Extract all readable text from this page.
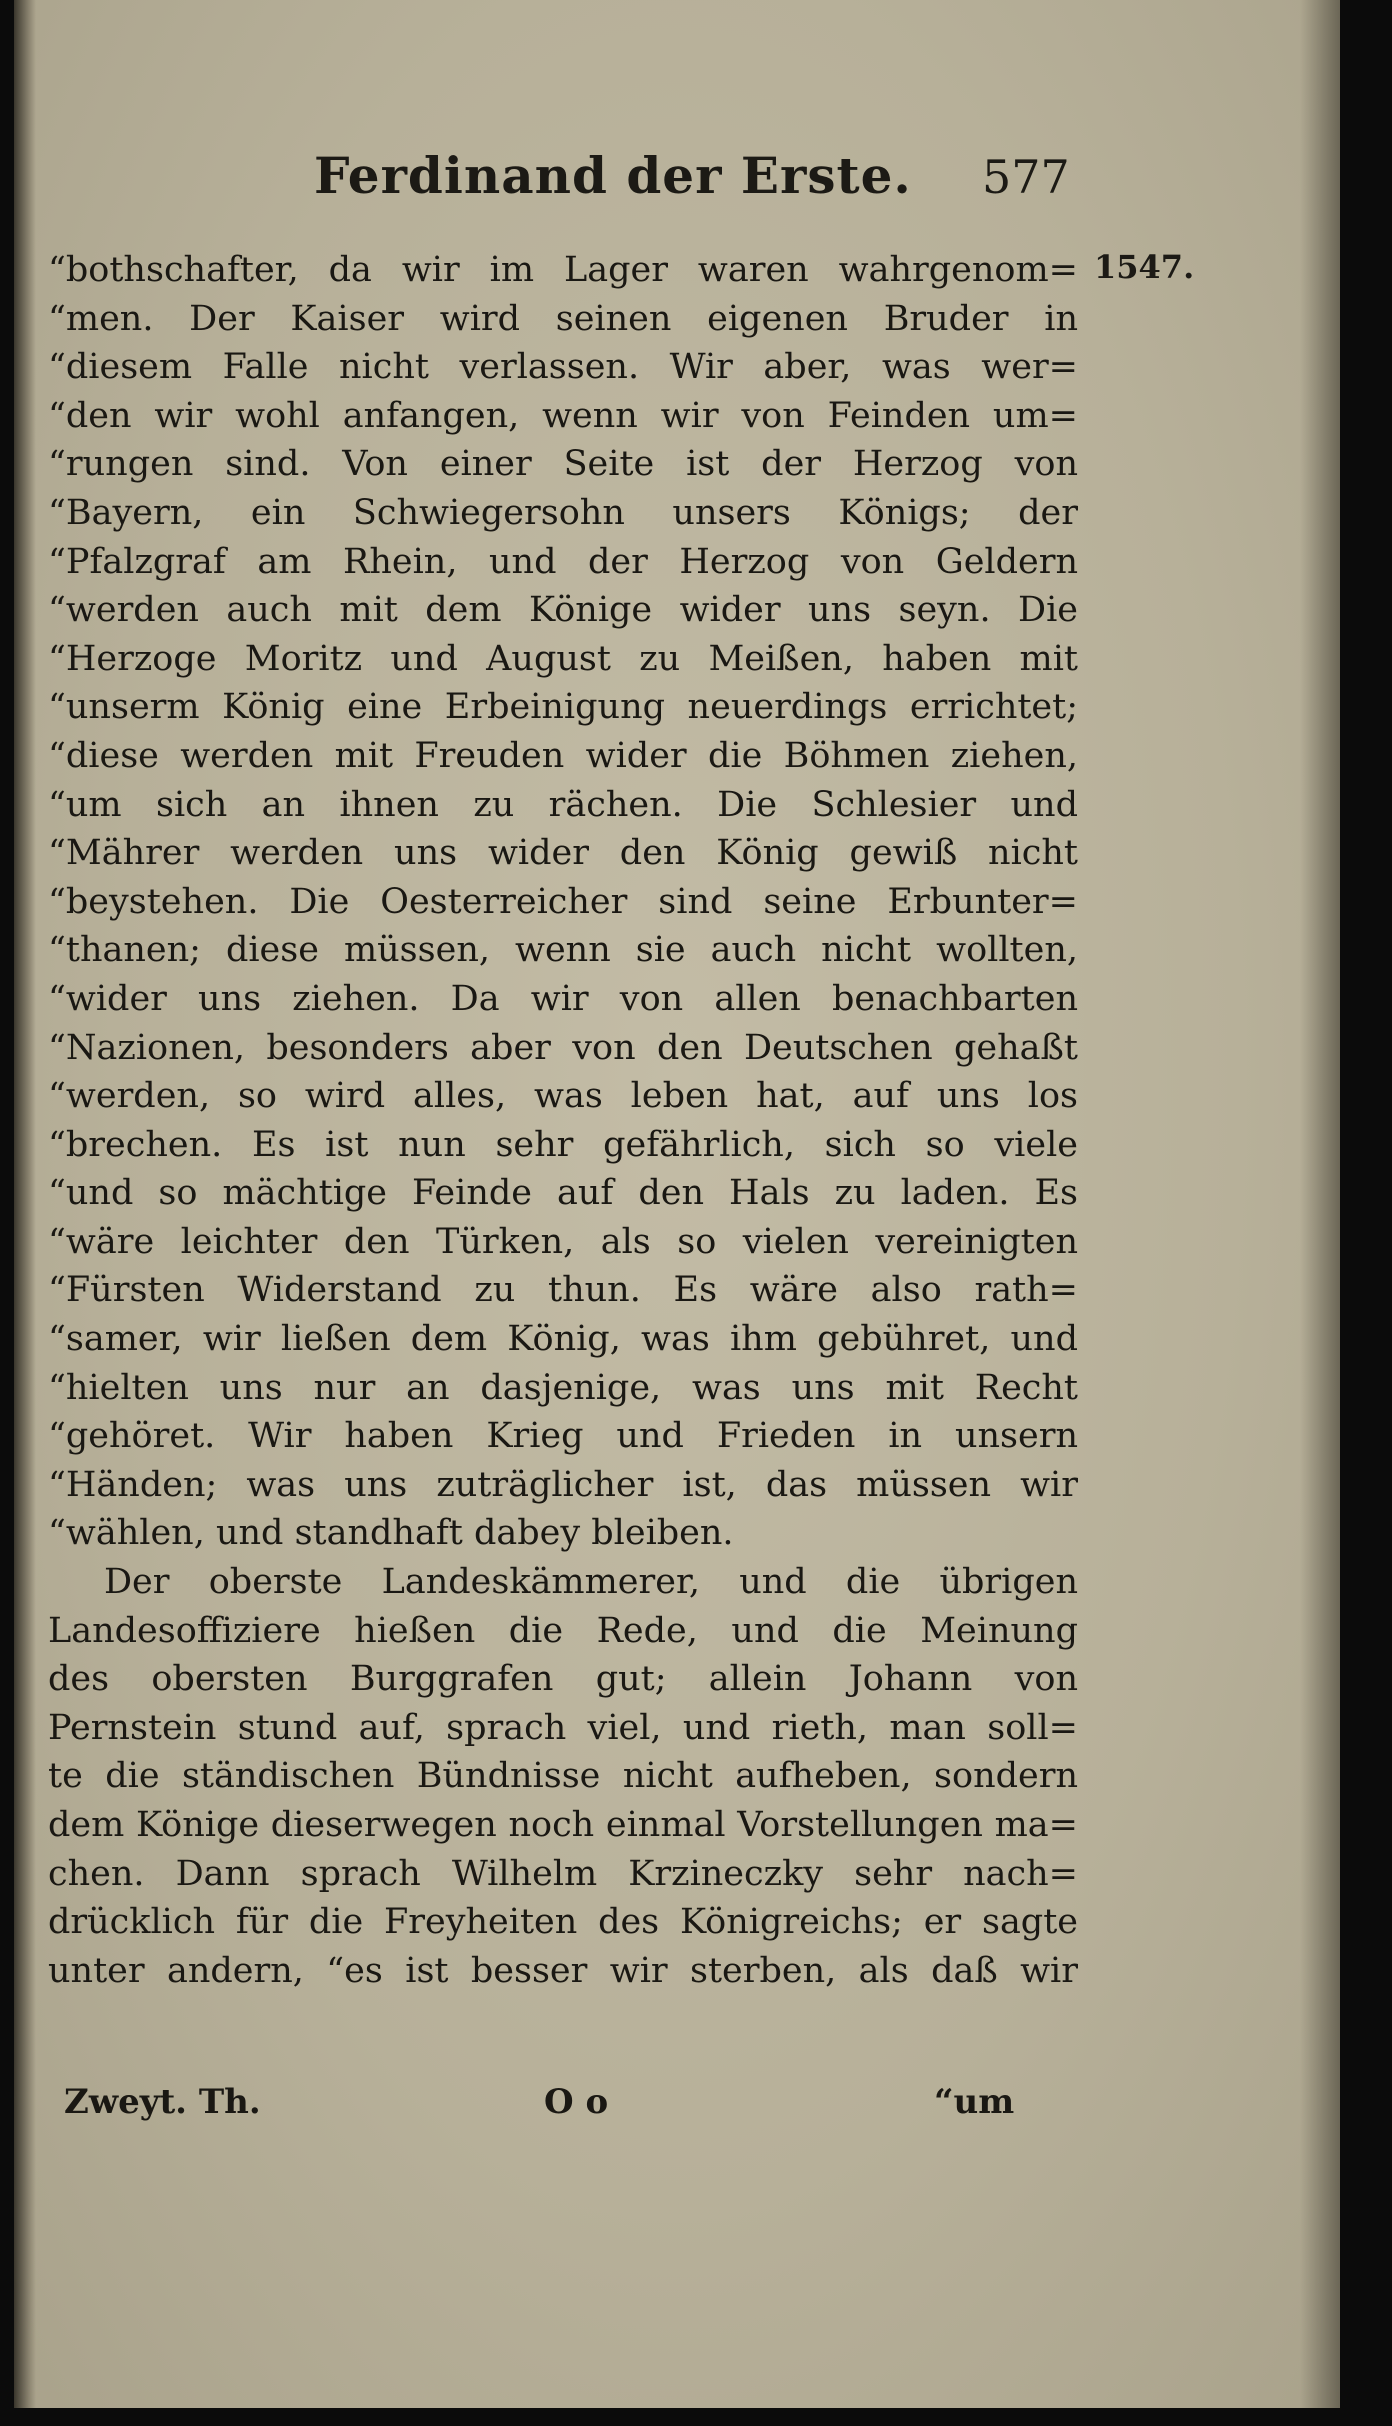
Ferdinand der Erste. 577
1547.
“bothschafter, da wir im Lager waren wahrgenom=
“men. Der Kaiser wird seinen eigenen Bruder in
“diesem Falle nicht verlassen. Wir aber, was wer=
“den wir wohl anfangen, wenn wir von Feinden um=
“rungen sind. Von einer Seite ist der Herzog von
“Bayern, ein Schwiegersohn unsers Königs; der
“Pfalzgraf am Rhein, und der Herzog von Geldern
“werden auch mit dem Könige wider uns seyn. Die
“Herzoge Moritz und August zu Meißen, haben mit
“unserm König eine Erbeinigung neuerdings errichtet;
“diese werden mit Freuden wider die Böhmen ziehen,
“um sich an ihnen zu rächen. Die Schlesier und
“Mährer werden uns wider den König gewiß nicht
“beystehen. Die Oesterreicher sind seine Erbunter=
“thanen; diese müssen, wenn sie auch nicht wollten,
“wider uns ziehen. Da wir von allen benachbarten
“Nazionen, besonders aber von den Deutschen gehaßt
“werden, so wird alles, was leben hat, auf uns los
“brechen. Es ist nun sehr gefährlich, sich so viele
“und so mächtige Feinde auf den Hals zu laden. Es
“wäre leichter den Türken, als so vielen vereinigten
“Fürsten Widerstand zu thun. Es wäre also rath=
“samer, wir ließen dem König, was ihm gebühret, und
“hielten uns nur an dasjenige, was uns mit Recht
“gehöret. Wir haben Krieg und Frieden in unsern
“Händen; was uns zuträglicher ist, das müssen wir
“wählen, und standhaft dabey bleiben.
Der oberste Landeskämmerer, und die übrigen
Landesoffiziere hießen die Rede, und die Meinung
des obersten Burggrafen gut; allein Johann von
Pernstein stund auf, sprach viel, und rieth, man soll=
te die ständischen Bündnisse nicht aufheben, sondern
dem Könige dieserwegen noch einmal Vorstellungen ma=
chen. Dann sprach Wilhelm Krzineczky sehr nach=
drücklich für die Freyheiten des Königreichs; er sagte
unter andern, “es ist besser wir sterben, als daß wir
Zweyt. Th.	O o	“um
